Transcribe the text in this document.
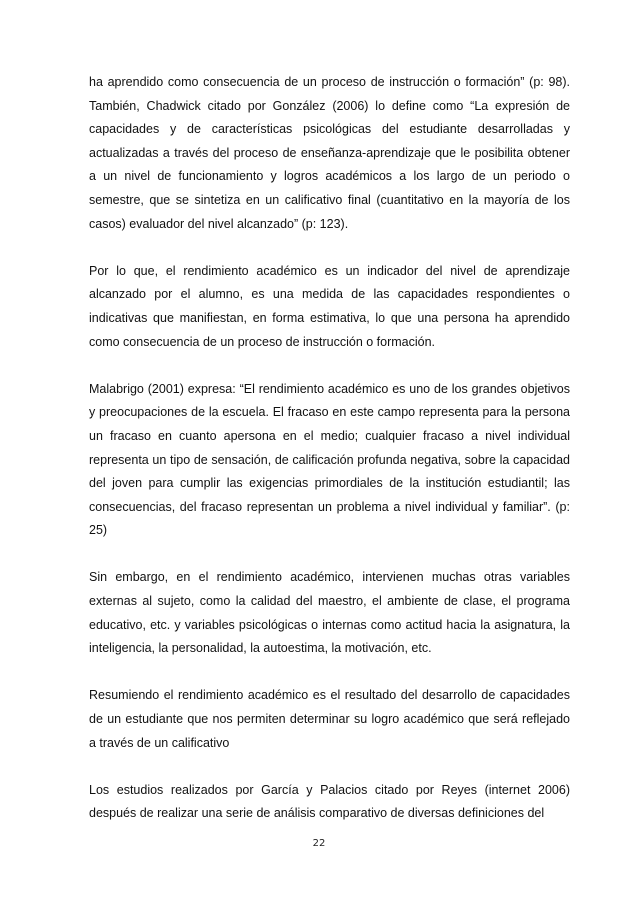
ha aprendido como consecuencia de un proceso de instrucción o formación” (p: 98). También, Chadwick citado por González (2006) lo define como “La expresión de capacidades y de características psicológicas del estudiante desarrolladas y actualizadas a través del proceso de enseñanza-aprendizaje que le posibilita obtener a un nivel de funcionamiento y logros académicos a los largo de un periodo o semestre, que se sintetiza en un calificativo final (cuantitativo en la mayoría de los casos) evaluador del nivel alcanzado” (p: 123).

Por lo que, el rendimiento académico es un indicador del nivel de aprendizaje alcanzado por el alumno, es una medida de las capacidades respondientes o indicativas que manifiestan, en forma estimativa, lo que una persona ha aprendido como consecuencia de un proceso de instrucción o formación.

Malabrigo (2001) expresa: “El rendimiento académico es uno de los grandes objetivos y preocupaciones de la escuela. El fracaso en este campo representa para la persona un fracaso en cuanto apersona en el medio; cualquier fracaso a nivel individual representa un tipo de sensación, de calificación profunda negativa, sobre la capacidad del joven para cumplir las exigencias primordiales de la institución estudiantil; las consecuencias, del fracaso representan un problema a nivel individual y familiar”. (p: 25)

Sin embargo, en el rendimiento académico, intervienen muchas otras variables externas al sujeto, como la calidad del maestro, el ambiente de clase, el programa educativo, etc. y variables psicológicas o internas como actitud hacia la asignatura, la inteligencia, la personalidad, la autoestima, la motivación, etc.

Resumiendo el rendimiento académico es el resultado del desarrollo de capacidades de un estudiante que nos permiten determinar su logro académico que será reflejado a través de un calificativo

Los estudios realizados por García y Palacios citado por Reyes (internet 2006) después de realizar una serie de análisis comparativo de diversas definiciones del

22
